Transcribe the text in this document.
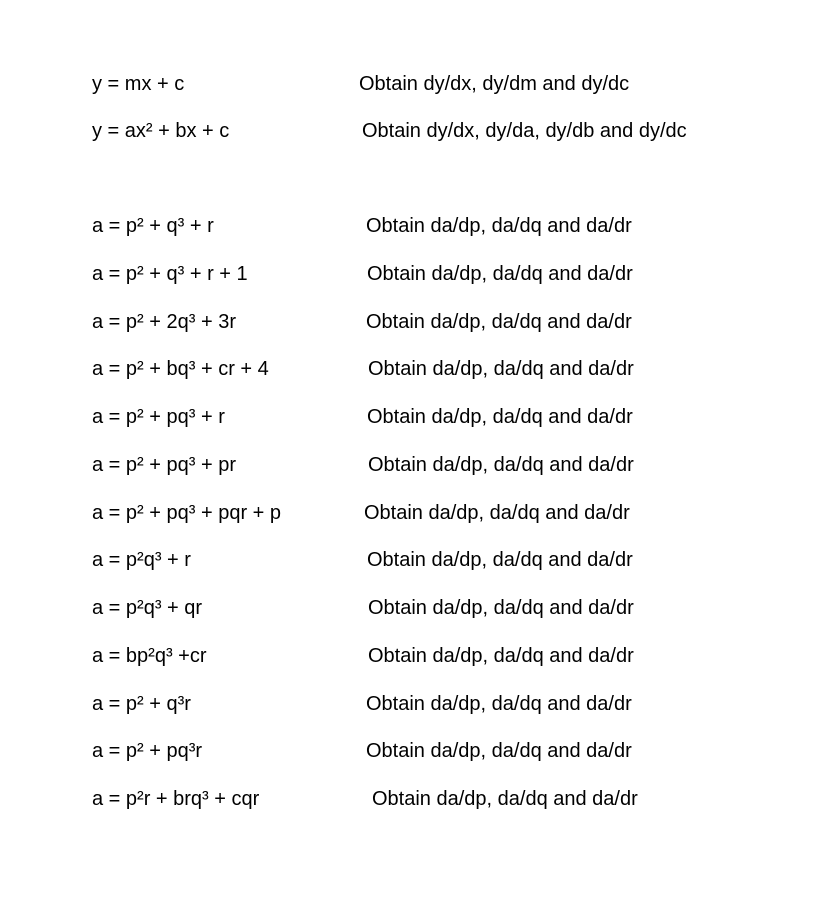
y = mx + c	Obtain dy/dx, dy/dm and dy/dc
y = ax² + bx + c	Obtain dy/dx, dy/da, dy/db and dy/dc
a = p² + q³ + r	Obtain da/dp, da/dq and da/dr
a = p² + q³ + r + 1	Obtain da/dp, da/dq and da/dr
a = p² + 2q³ + 3r	Obtain da/dp, da/dq and da/dr
a = p² + bq³ + cr + 4	Obtain da/dp, da/dq and da/dr
a = p² + pq³ + r	Obtain da/dp, da/dq and da/dr
a = p² + pq³ + pr	Obtain da/dp, da/dq and da/dr
a = p² + pq³ + pqr + p	Obtain da/dp, da/dq and da/dr
a = p²q³ + r	Obtain da/dp, da/dq and da/dr
a = p²q³ + qr	Obtain da/dp, da/dq and da/dr
a = bp²q³ +cr	Obtain da/dp, da/dq and da/dr
a = p² + q³r	Obtain da/dp, da/dq and da/dr
a = p² + pq³r	Obtain da/dp, da/dq and da/dr
a = p²r + brq³ + cqr	Obtain da/dp, da/dq and da/dr
